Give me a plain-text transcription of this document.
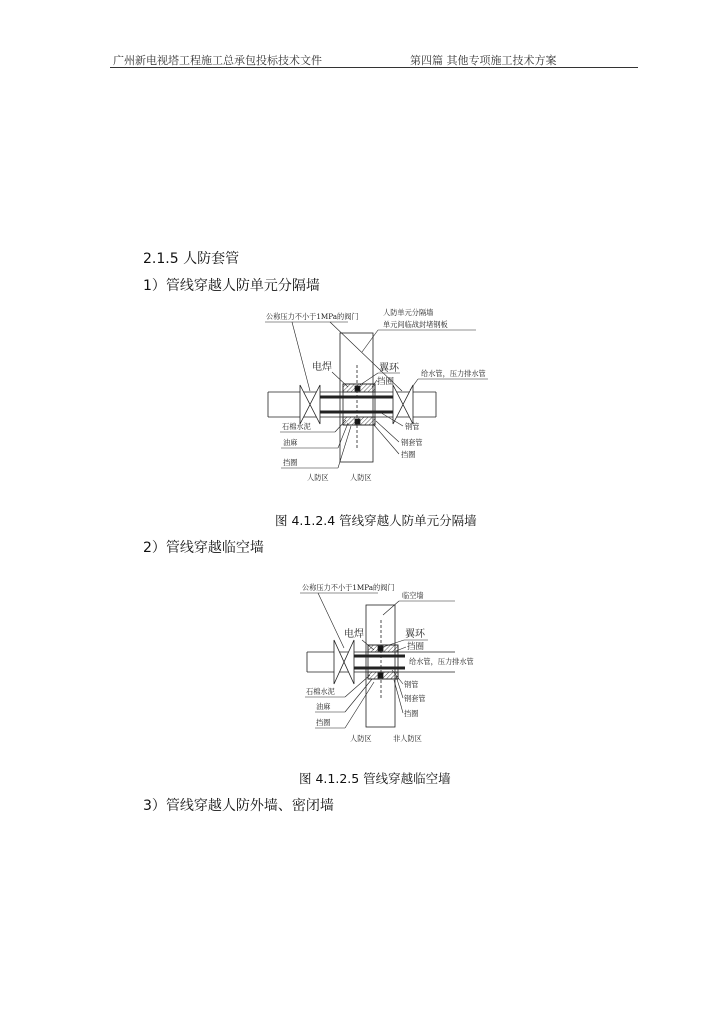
广州新电视塔工程施工总承包投标技术文件	第四篇 其他专项施工技术方案
2.1.5 人防套管
1）管线穿越人防单元分隔墙
公称压力不小于1MPa的阀门	人防单元分隔墙
单元间临战封堵钢板
电焊	翼环
挡圈
给水管，压力排水管
石棉水泥
油麻
挡圈
钢管
钢套管
挡圈
人防区	人防区
图 4.1.2.4 管线穿越人防单元分隔墙
2）管线穿越临空墙
公称压力不小于1MPa的阀门
临空墙
电焊	翼环
挡圈
给水管，压力排水管
石棉水泥
油麻
挡圈
钢管
钢套管
挡圈
人防区	非人防区
图 4.1.2.5 管线穿越临空墙
3）管线穿越人防外墙、密闭墙
